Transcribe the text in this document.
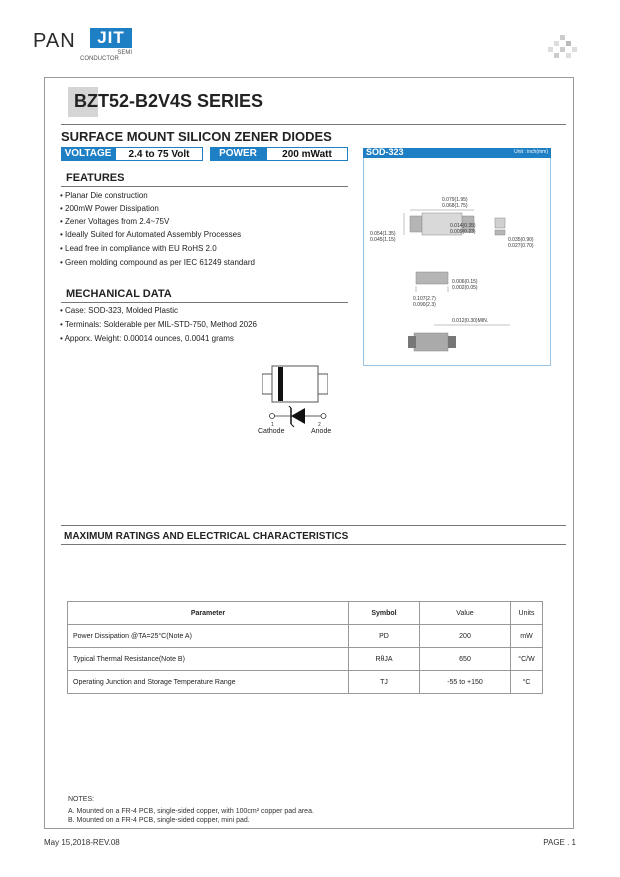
PAN	JIT
SEMI
CONDUCTOR
BZT52-B2V4S SERIES
SURFACE MOUNT SILICON ZENER DIODES
VOLTAGE	2.4 to 75 Volt	POWER	200 mWatt
FEATURES
• Planar Die construction
• 200mW Power Dissipation
• Zener Voltages from 2.4~75V
• Ideally Suited for Automated Assembly Processes
• Lead free in compliance with EU RoHS 2.0
• Green molding compound as per IEC 61249 standard
MECHANICAL DATA
• Case: SOD-323, Molded Plastic
• Terminals: Solderable per MIL-STD-750, Method 2026
• Apporx. Weight: 0.00014 ounces, 0.0041 grams
1	2
Cathode	Anode
SOD-323	Unit : inch(mm)
0.079(1.95)
0.068(1.75)
0.014(0.35)
0.009(0.23)
0.054(1.35)
0.045(1.15)	0.035(0.90)
0.027(0.70)
0.006(0.15)
0.002(0.05)
0.107(2.7)
0.090(2.3)
0.012(0.30)MIN.
MAXIMUM RATINGS AND ELECTRICAL CHARACTERISTICS
Parameter	Symbol	Value	Units
Power Dissipation @TA=25°C(Note A)	PD	200	mW
Typical Thermal Resistance(Note B)	RθJA	650	°C/W
Operating Junction and Storage Temperature Range	TJ	-55 to +150	°C
NOTES:
A. Mounted on a FR-4 PCB, single-sided copper, with 100cm² copper pad area.
B. Mounted on a FR-4 PCB, single-sided copper, mini pad.
May 15,2018-REV.08	PAGE . 1
